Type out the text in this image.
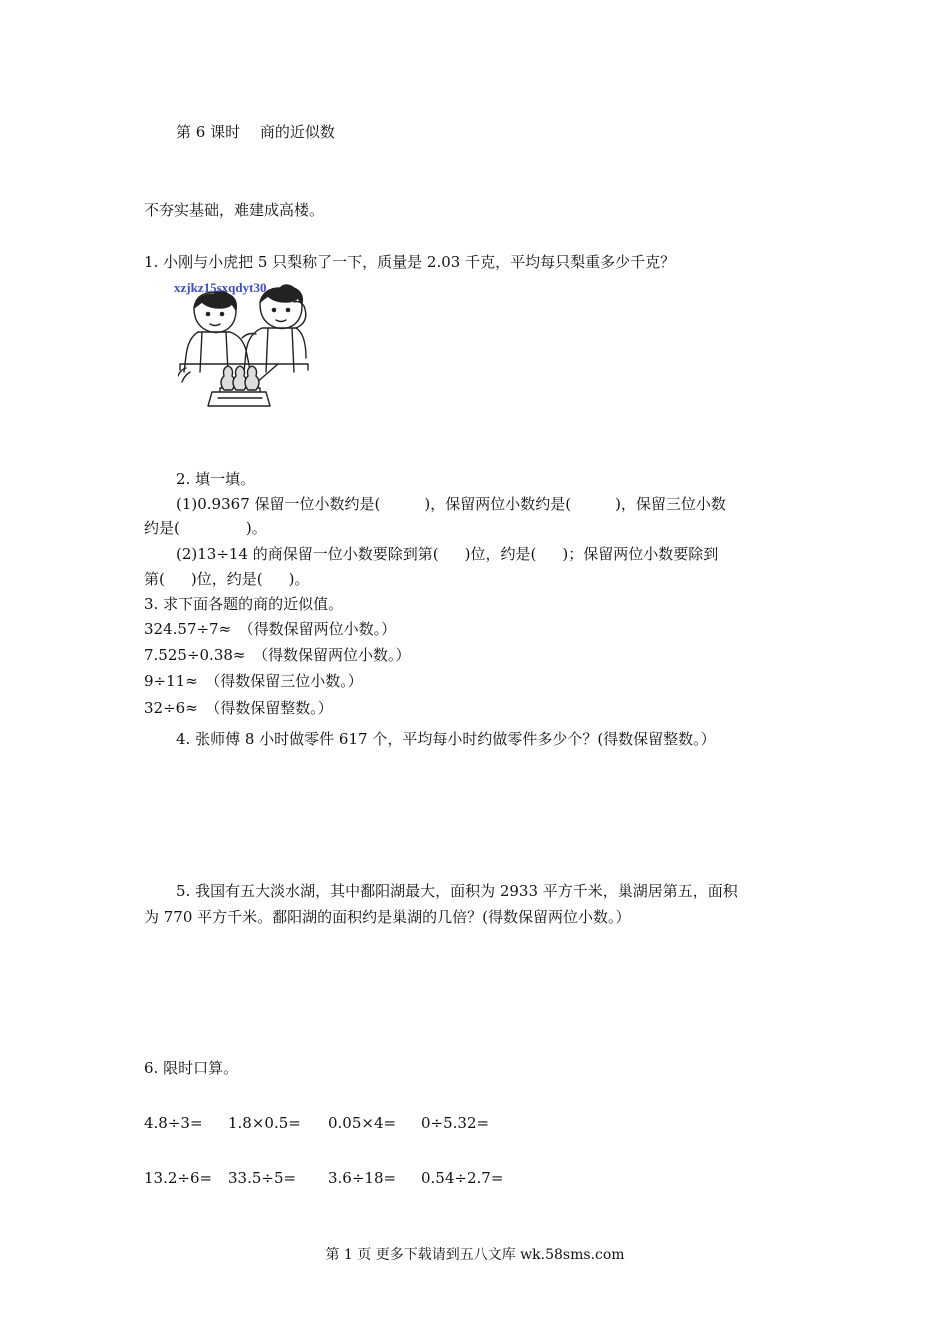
第 6 课时　 商的近似数
不夯实基础，难建成高楼。
1. 小刚与小虎把 5 只梨称了一下，质量是 2.03 千克，平均每只梨重多少千克？
xzjkz15sxqdyt30
2. 填一填。
(1)0.9367 保留一位小数约是(	)，保留两位小数约是(	)，保留三位小数
约是(	)。
(2)13÷14 的商保留一位小数要除到第( )位，约是( )；保留两位小数要除到
第( )位，约是( )。
3. 求下面各题的商的近似值。
324.57÷7≈　（得数保留两位小数。）
7.525÷0.38≈　（得数保留两位小数。）
9÷11≈　（得数保留三位小数。）
32÷6≈　（得数保留整数。）
4. 张师傅 8 小时做零件 617 个，平均每小时约做零件多少个？(得数保留整数。）
5. 我国有五大淡水湖，其中鄱阳湖最大，面积为 2933 平方千米，巢湖居第五，面积
为 770 平方千米。鄱阳湖的面积约是巢湖的几倍？(得数保留两位小数。）
6. 限时口算。
4.8÷3= 1.8×0.5= 0.05×4= 0÷5.32=
13.2÷6= 33.5÷5= 3.6÷18= 0.54÷2.7=
第 1 页 更多下载请到五八文库 wk.58sms.com
